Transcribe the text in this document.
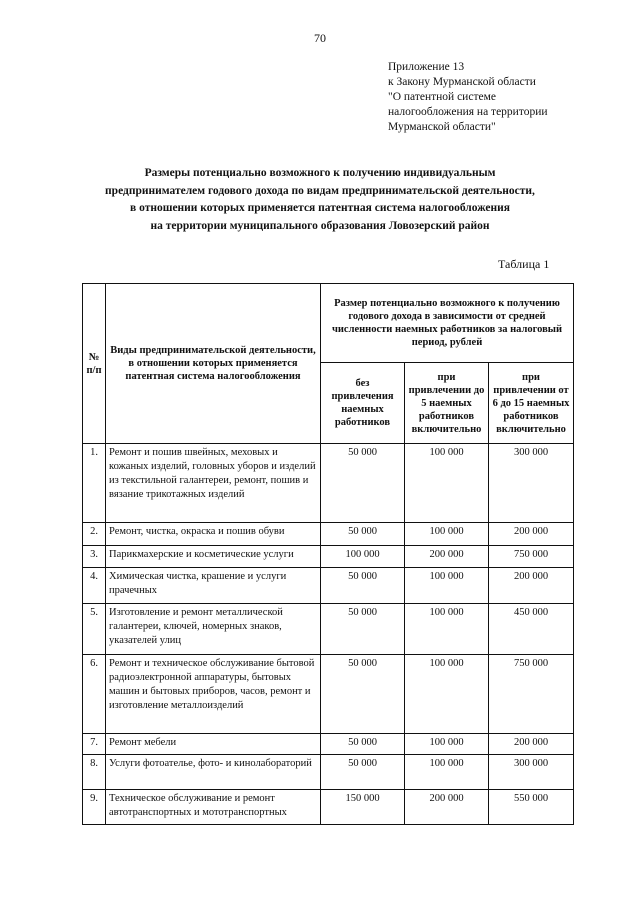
70
Приложение 13
к Закону Мурманской области
"О патентной системе
налогообложения на территории
Мурманской области"
Размеры потенциально возможного к получению индивидуальным
предпринимателем годового дохода по видам предпринимательской деятельности,
в отношении которых применяется патентная система налогообложения
на территории муниципального образования Ловозерский район
Таблица 1
№ п/п	Виды предпринимательской деятельности, в отношении которых применяется патентная система налогообложения	Размер потенциально возможного к получению годового дохода в зависимости от средней численности наемных работников за налоговый период, рублей		
		без привлечения наемных работников	при привлечении до 5 наемных работников включительно	при привлечении от 6 до 15 наемных работников включительно
1.	Ремонт и пошив швейных, меховых и кожаных изделий, головных уборов и изделий из текстильной галантереи, ремонт, пошив и вязание трикотажных изделий	50 000	100 000	300 000
2.	Ремонт, чистка, окраска и пошив обуви	50 000	100 000	200 000
3.	Парикмахерские и косметические услуги	100 000	200 000	750 000
4.	Химическая чистка, крашение и услуги прачечных	50 000	100 000	200 000
5.	Изготовление и ремонт металлической галантереи, ключей, номерных знаков, указателей улиц	50 000	100 000	450 000
6.	Ремонт и техническое обслуживание бытовой радиоэлектронной аппаратуры, бытовых машин и бытовых приборов, часов, ремонт и изготовление металлоизделий	50 000	100 000	750 000
7.	Ремонт мебели	50 000	100 000	200 000
8.	Услуги фотоателье, фото- и кинолабораторий	50 000	100 000	300 000
9.	Техническое обслуживание и ремонт автотранспортных и мототранспортных	150 000	200 000	550 000
